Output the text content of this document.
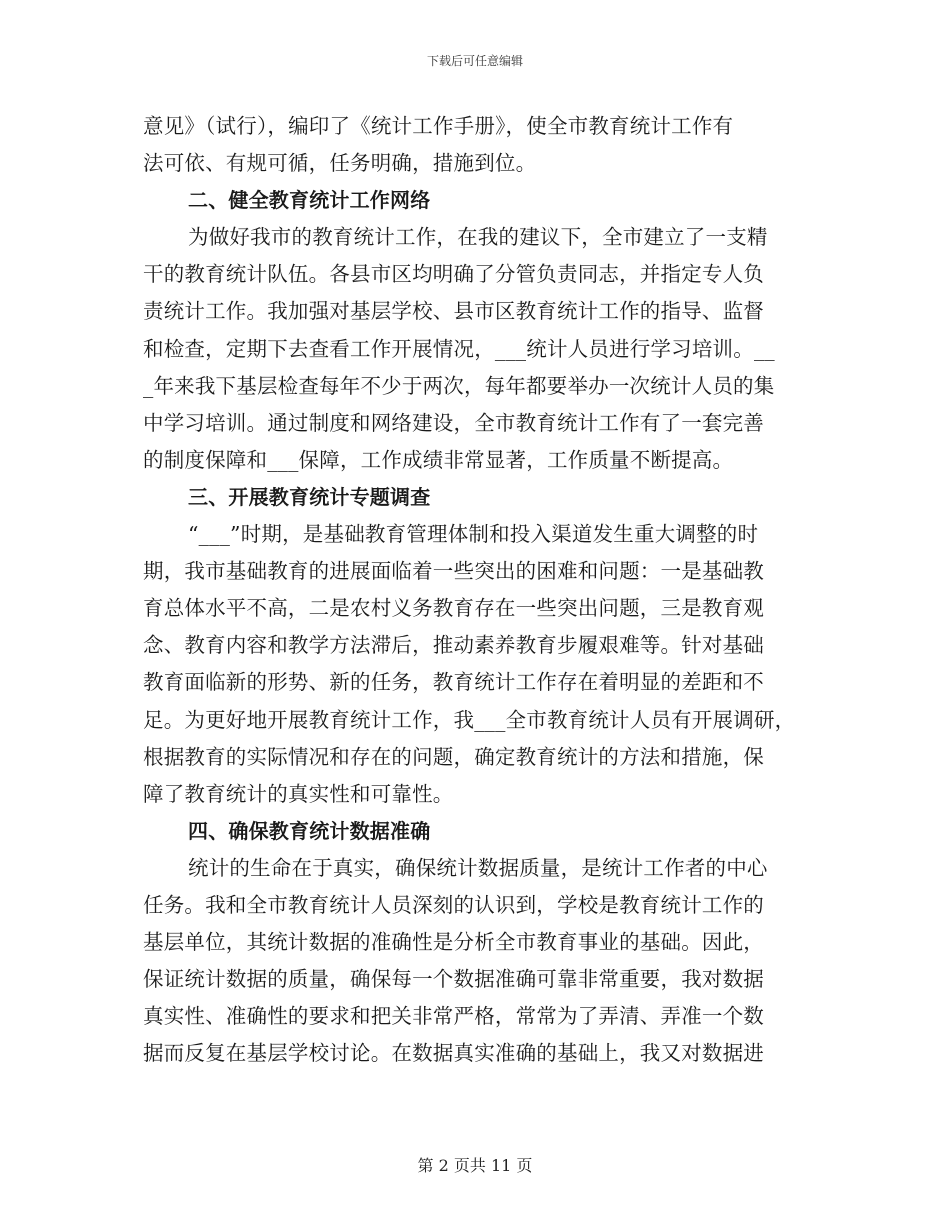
下载后可任意编辑
意见》（试行），编印了《统计工作手册》，使全市教育统计工作有
法可依、有规可循，任务明确，措施到位。
二、健全教育统计工作网络
为做好我市的教育统计工作，在我的建议下，全市建立了一支精
干的教育统计队伍。各县市区均明确了分管负责同志，并指定专人负
责统计工作。我加强对基层学校、县市区教育统计工作的指导、监督
和检查，定期下去查看工作开展情况，___统计人员进行学习培训。__
_年来我下基层检查每年不少于两次，每年都要举办一次统计人员的集
中学习培训。通过制度和网络建设，全市教育统计工作有了一套完善
的制度保障和___保障，工作成绩非常显著，工作质量不断提高。
三、开展教育统计专题调查
“___”时期，是基础教育管理体制和投入渠道发生重大调整的时
期，我市基础教育的进展面临着一些突出的困难和问题：一是基础教
育总体水平不高，二是农村义务教育存在一些突出问题，三是教育观
念、教育内容和教学方法滞后，推动素养教育步履艰难等。针对基础
教育面临新的形势、新的任务，教育统计工作存在着明显的差距和不
足。为更好地开展教育统计工作，我___全市教育统计人员有开展调研，
根据教育的实际情况和存在的问题，确定教育统计的方法和措施，保
障了教育统计的真实性和可靠性。
四、确保教育统计数据准确
统计的生命在于真实，确保统计数据质量，是统计工作者的中心
任务。我和全市教育统计人员深刻的认识到，学校是教育统计工作的
基层单位，其统计数据的准确性是分析全市教育事业的基础。因此，
保证统计数据的质量，确保每一个数据准确可靠非常重要，我对数据
真实性、准确性的要求和把关非常严格，常常为了弄清、弄准一个数
据而反复在基层学校讨论。在数据真实准确的基础上，我又对数据进
第 2 页共 11 页
